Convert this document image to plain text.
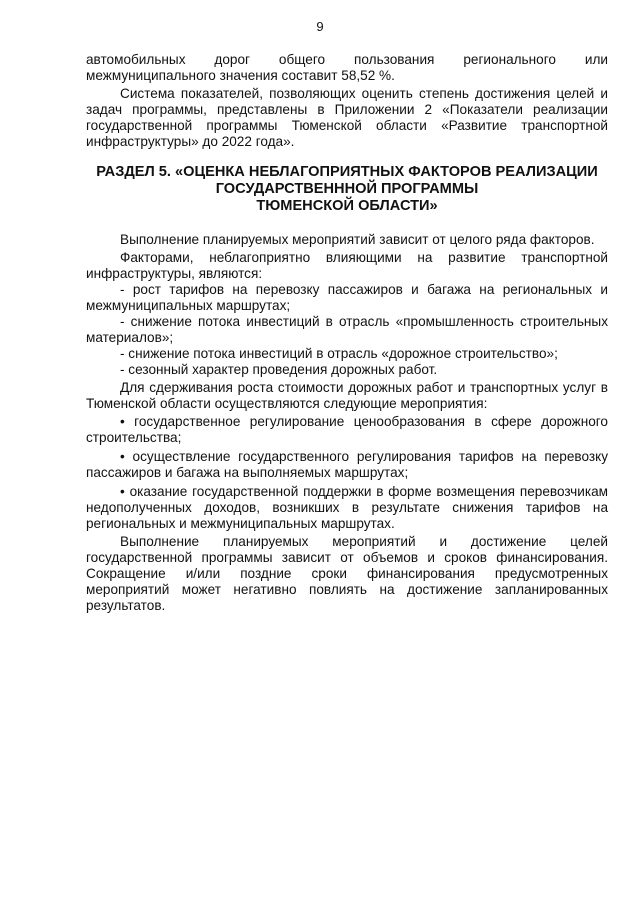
9

автомобильных дорог общего пользования регионального или межмуниципального значения составит 58,52 %.

Система показателей, позволяющих оценить степень достижения целей и задач программы, представлены в Приложении 2 «Показатели реализации государственной программы Тюменской области «Развитие транспортной инфраструктуры» до 2022 года».

РАЗДЕЛ 5. «ОЦЕНКА НЕБЛАГОПРИЯТНЫХ ФАКТОРОВ РЕАЛИЗАЦИИ
ГОСУДАРСТВЕНННОЙ ПРОГРАММЫ
ТЮМЕНСКОЙ ОБЛАСТИ»

Выполнение планируемых мероприятий зависит от целого ряда факторов.

Факторами, неблагоприятно влияющими на развитие транспортной инфраструктуры, являются:

- рост тарифов на перевозку пассажиров и багажа на региональных и межмуниципальных маршрутах;

- снижение потока инвестиций в отрасль «промышленность строительных материалов»;

- снижение потока инвестиций в отрасль «дорожное строительство»;

- сезонный характер проведения дорожных работ.

Для сдерживания роста стоимости дорожных работ и транспортных услуг в Тюменской области осуществляются следующие мероприятия:

• государственное регулирование ценообразования в сфере дорожного строительства;

• осуществление государственного регулирования тарифов на перевозку пассажиров и багажа на выполняемых маршрутах;

• оказание государственной поддержки в форме возмещения перевозчикам недополученных доходов, возникших в результате снижения тарифов на региональных и межмуниципальных маршрутах.

Выполнение планируемых мероприятий и достижение целей государственной программы зависит от объемов и сроков финансирования. Сокращение и/или поздние сроки финансирования предусмотренных мероприятий может негативно повлиять на достижение запланированных результатов.
